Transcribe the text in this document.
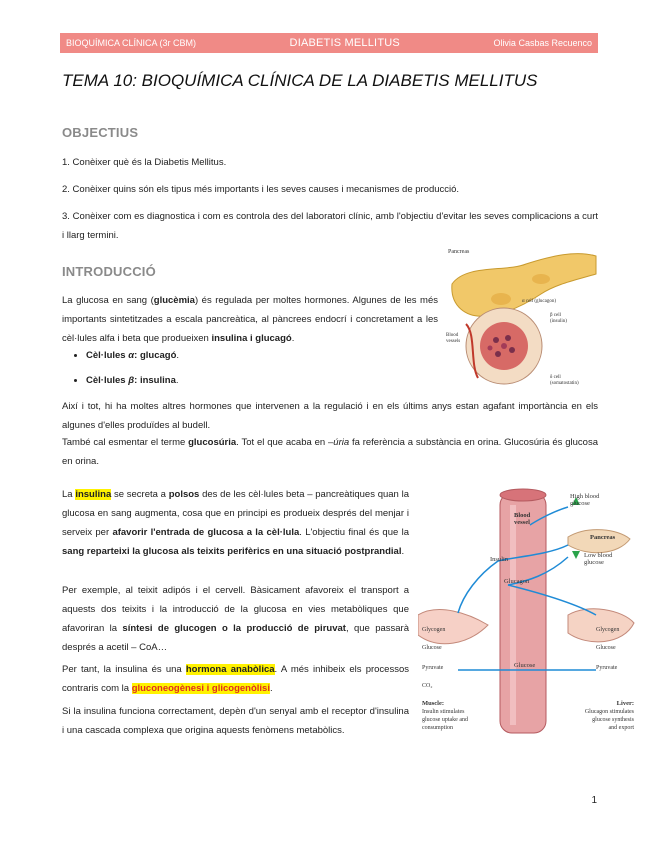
BIOQUÍMICA CLÍNICA (3r CBM)	DIABETIS MELLITUS	Olivia Casbas Recuenco
TEMA 10: BIOQUÍMICA CLÍNICA DE LA DIABETIS MELLITUS
OBJECTIUS
1. Conèixer què és la Diabetis Mellitus.
2. Conèixer quins són els tipus més importants i les seves causes i mecanismes de producció.
3. Conèixer com es diagnostica i com es controla des del laboratori clínic, amb l'objectiu d'evitar les seves complicacions a curt i llarg termini.
INTRODUCCIÓ
La glucosa en sang (glucèmia) és regulada per moltes hormones. Algunes de les més importants sintetitzades a escala pancreàtica, al pàncrees endocrí i concretament a les cèl·lules alfa i beta que produeixen insulina i glucagó.
• Cèl·lules α: glucagó.
• Cèl·lules β: insulina.
Així i tot, hi ha moltes altres hormones que intervenen a la regulació i en els últims anys estan agafant importància en els algunes d'elles produïdes al budell.
També cal esmentar el terme glucosúria. Tot el que acaba en –úria fa referència a substància en orina. Glucosúria és glucosa en orina.
Pancreas
α cell (glucagon)
β cell
(insulin)
Blood
vessels
δ cell
(somatostatin)
La insulina se secreta a polsos des de les cèl·lules beta – pancreàtiques quan la glucosa en sang augmenta, cosa que en principi es produeix després del menjar i serveix per afavorir l'entrada de glucosa a la cèl·lula. L'objectiu final és que la sang reparteixi la glucosa als teixits perifèrics en una situació postprandial.
Per exemple, al teixit adipós i el cervell. Bàsicament afavoreix el transport a aquests dos teixits i la introducció de la glucosa en vies metabòliques que afavoriran la síntesi de glucogen o la producció de piruvat, que passarà després a acetil – CoA…
Per tant, la insulina és una hormona anabòlica. A més inhibeix els processos contraris com la gluconeogènesi i glicogenòlisi.
Si la insulina funciona correctament, depèn d'un senyal amb el receptor d'insulina i una cascada complexa que origina aquests fenòmens metabòlics.
High blood
glucose
Blood
vessel
Pancreas
Low blood
glucose
Insulin
Glucagon
Glycogen
Glucose
Pyruvate
CO₂
Glycogen
Glucose
Pyruvate
Glucose
Muscle:
Insulin stimulates
glucose uptake and
consumption
Liver:
Glucagon stimulates
glucose synthesis
and export
1
